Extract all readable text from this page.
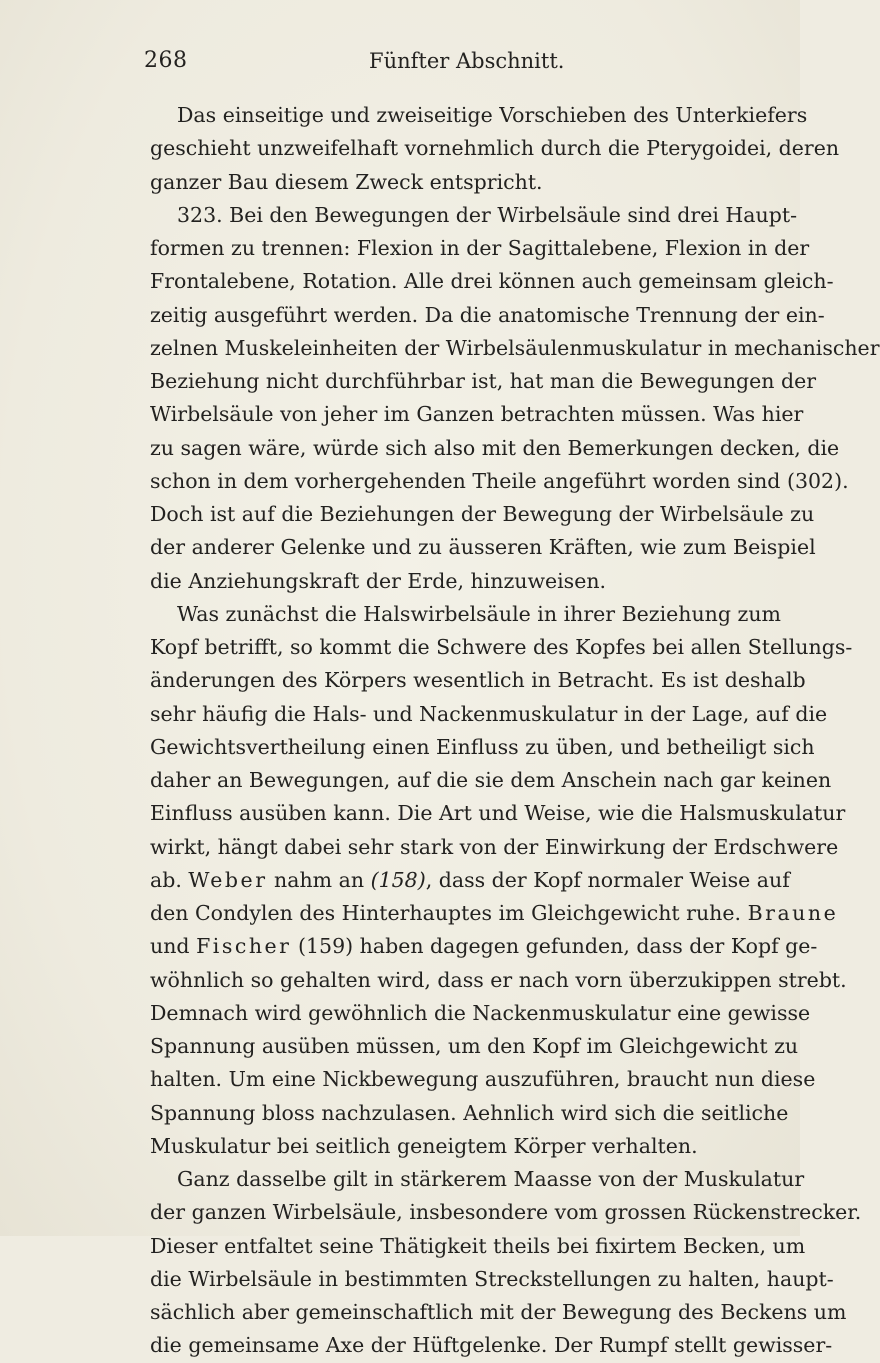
268	Fünfter Abschnitt.
Das einseitige und zweiseitige Vorschieben des Unterkiefers
geschieht unzweifelhaft vornehmlich durch die Pterygoidei, deren
ganzer Bau diesem Zweck entspricht.
323. Bei den Bewegungen der Wirbelsäule sind drei Haupt-
formen zu trennen: Flexion in der Sagittalebene, Flexion in der
Frontalebene, Rotation. Alle drei können auch gemeinsam gleich-
zeitig ausgeführt werden. Da die anatomische Trennung der ein-
zelnen Muskeleinheiten der Wirbelsäulenmuskulatur in mechanischer
Beziehung nicht durchführbar ist, hat man die Bewegungen der
Wirbelsäule von jeher im Ganzen betrachten müssen. Was hier
zu sagen wäre, würde sich also mit den Bemerkungen decken, die
schon in dem vorhergehenden Theile angeführt worden sind (302).
Doch ist auf die Beziehungen der Bewegung der Wirbelsäule zu
der anderer Gelenke und zu äusseren Kräften, wie zum Beispiel
die Anziehungskraft der Erde, hinzuweisen.
Was zunächst die Halswirbelsäule in ihrer Beziehung zum
Kopf betrifft, so kommt die Schwere des Kopfes bei allen Stellungs-
änderungen des Körpers wesentlich in Betracht. Es ist deshalb
sehr häufig die Hals- und Nackenmuskulatur in der Lage, auf die
Gewichtsvertheilung einen Einfluss zu üben, und betheiligt sich
daher an Bewegungen, auf die sie dem Anschein nach gar keinen
Einfluss ausüben kann. Die Art und Weise, wie die Halsmuskulatur
wirkt, hängt dabei sehr stark von der Einwirkung der Erdschwere
ab. Weber nahm an (158), dass der Kopf normaler Weise auf
den Condylen des Hinterhauptes im Gleichgewicht ruhe. Braune
und Fischer (159) haben dagegen gefunden, dass der Kopf ge-
wöhnlich so gehalten wird, dass er nach vorn überzukippen strebt.
Demnach wird gewöhnlich die Nackenmuskulatur eine gewisse
Spannung ausüben müssen, um den Kopf im Gleichgewicht zu
halten. Um eine Nickbewegung auszuführen, braucht nun diese
Spannung bloss nachzulasen. Aehnlich wird sich die seitliche
Muskulatur bei seitlich geneigtem Körper verhalten.
Ganz dasselbe gilt in stärkerem Maasse von der Muskulatur
der ganzen Wirbelsäule, insbesondere vom grossen Rückenstrecker.
Dieser entfaltet seine Thätigkeit theils bei fixirtem Becken, um
die Wirbelsäule in bestimmten Streckstellungen zu halten, haupt-
sächlich aber gemeinschaftlich mit der Bewegung des Beckens um
die gemeinsame Axe der Hüftgelenke. Der Rumpf stellt gewisser-
